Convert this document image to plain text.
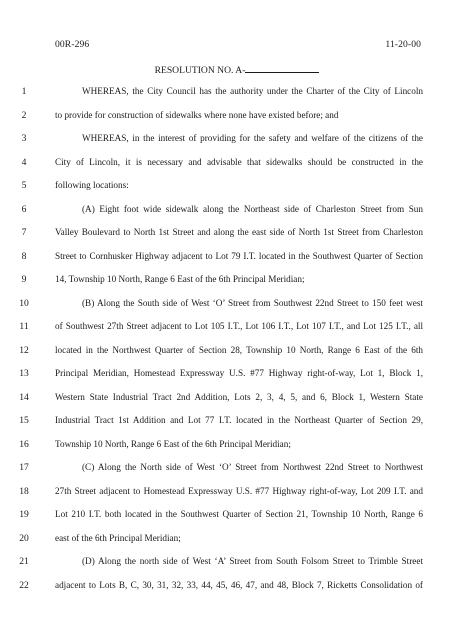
00R-296	11-20-00
RESOLUTION NO. A-
1	WHEREAS, the City Council has the authority under the Charter of the City of Lincoln
2	to provide for construction of sidewalks where none have existed before; and
3	WHEREAS, in the interest of providing for the safety and welfare of the citizens of the
4	City of Lincoln, it is necessary and advisable that sidewalks should be constructed in the
5	following locations:
6	(A) Eight foot wide sidewalk along the Northeast side of Charleston Street from Sun
7	Valley Boulevard to North 1st Street and along the east side of North 1st Street from Charleston
8	Street to Cornhusker Highway adjacent to Lot 79 I.T. located in the Southwest Quarter of Section
9	14, Township 10 North, Range 6 East of the 6th Principal Meridian;
10	(B) Along the South side of West ‘O’ Street from Southwest 22nd Street to 150 feet west
11	of Southwest 27th Street adjacent to Lot 105 I.T., Lot 106 I.T., Lot 107 I.T., and Lot 125 I.T., all
12	located in the Northwest Quarter of Section 28, Township 10 North, Range 6 East of the 6th
13	Principal Meridian, Homestead Expressway U.S. #77 Highway right-of-way, Lot 1, Block 1,
14	Western State Industrial Tract 2nd Addition, Lots 2, 3, 4, 5, and 6, Block 1, Western State
15	Industrial Tract 1st Addition and Lot 77 I.T. located in the Northeast Quarter of Section 29,
16	Township 10 North, Range 6 East of the 6th Principal Meridian;
17	(C) Along the North side of West ‘O’ Street from Northwest 22nd Street to Northwest
18	27th Street adjacent to Homestead Expressway U.S. #77 Highway right-of-way, Lot 209 I.T. and
19	Lot 210 I.T. both located in the Southwest Quarter of Section 21, Township 10 North, Range 6
20	east of the 6th Principal Meridian;
21	(D) Along the north side of West ‘A’ Street from South Folsom Street to Trimble Street
22	adjacent to Lots B, C, 30, 31, 32, 33, 44, 45, 46, 47, and 48, Block 7, Ricketts Consolidation of
